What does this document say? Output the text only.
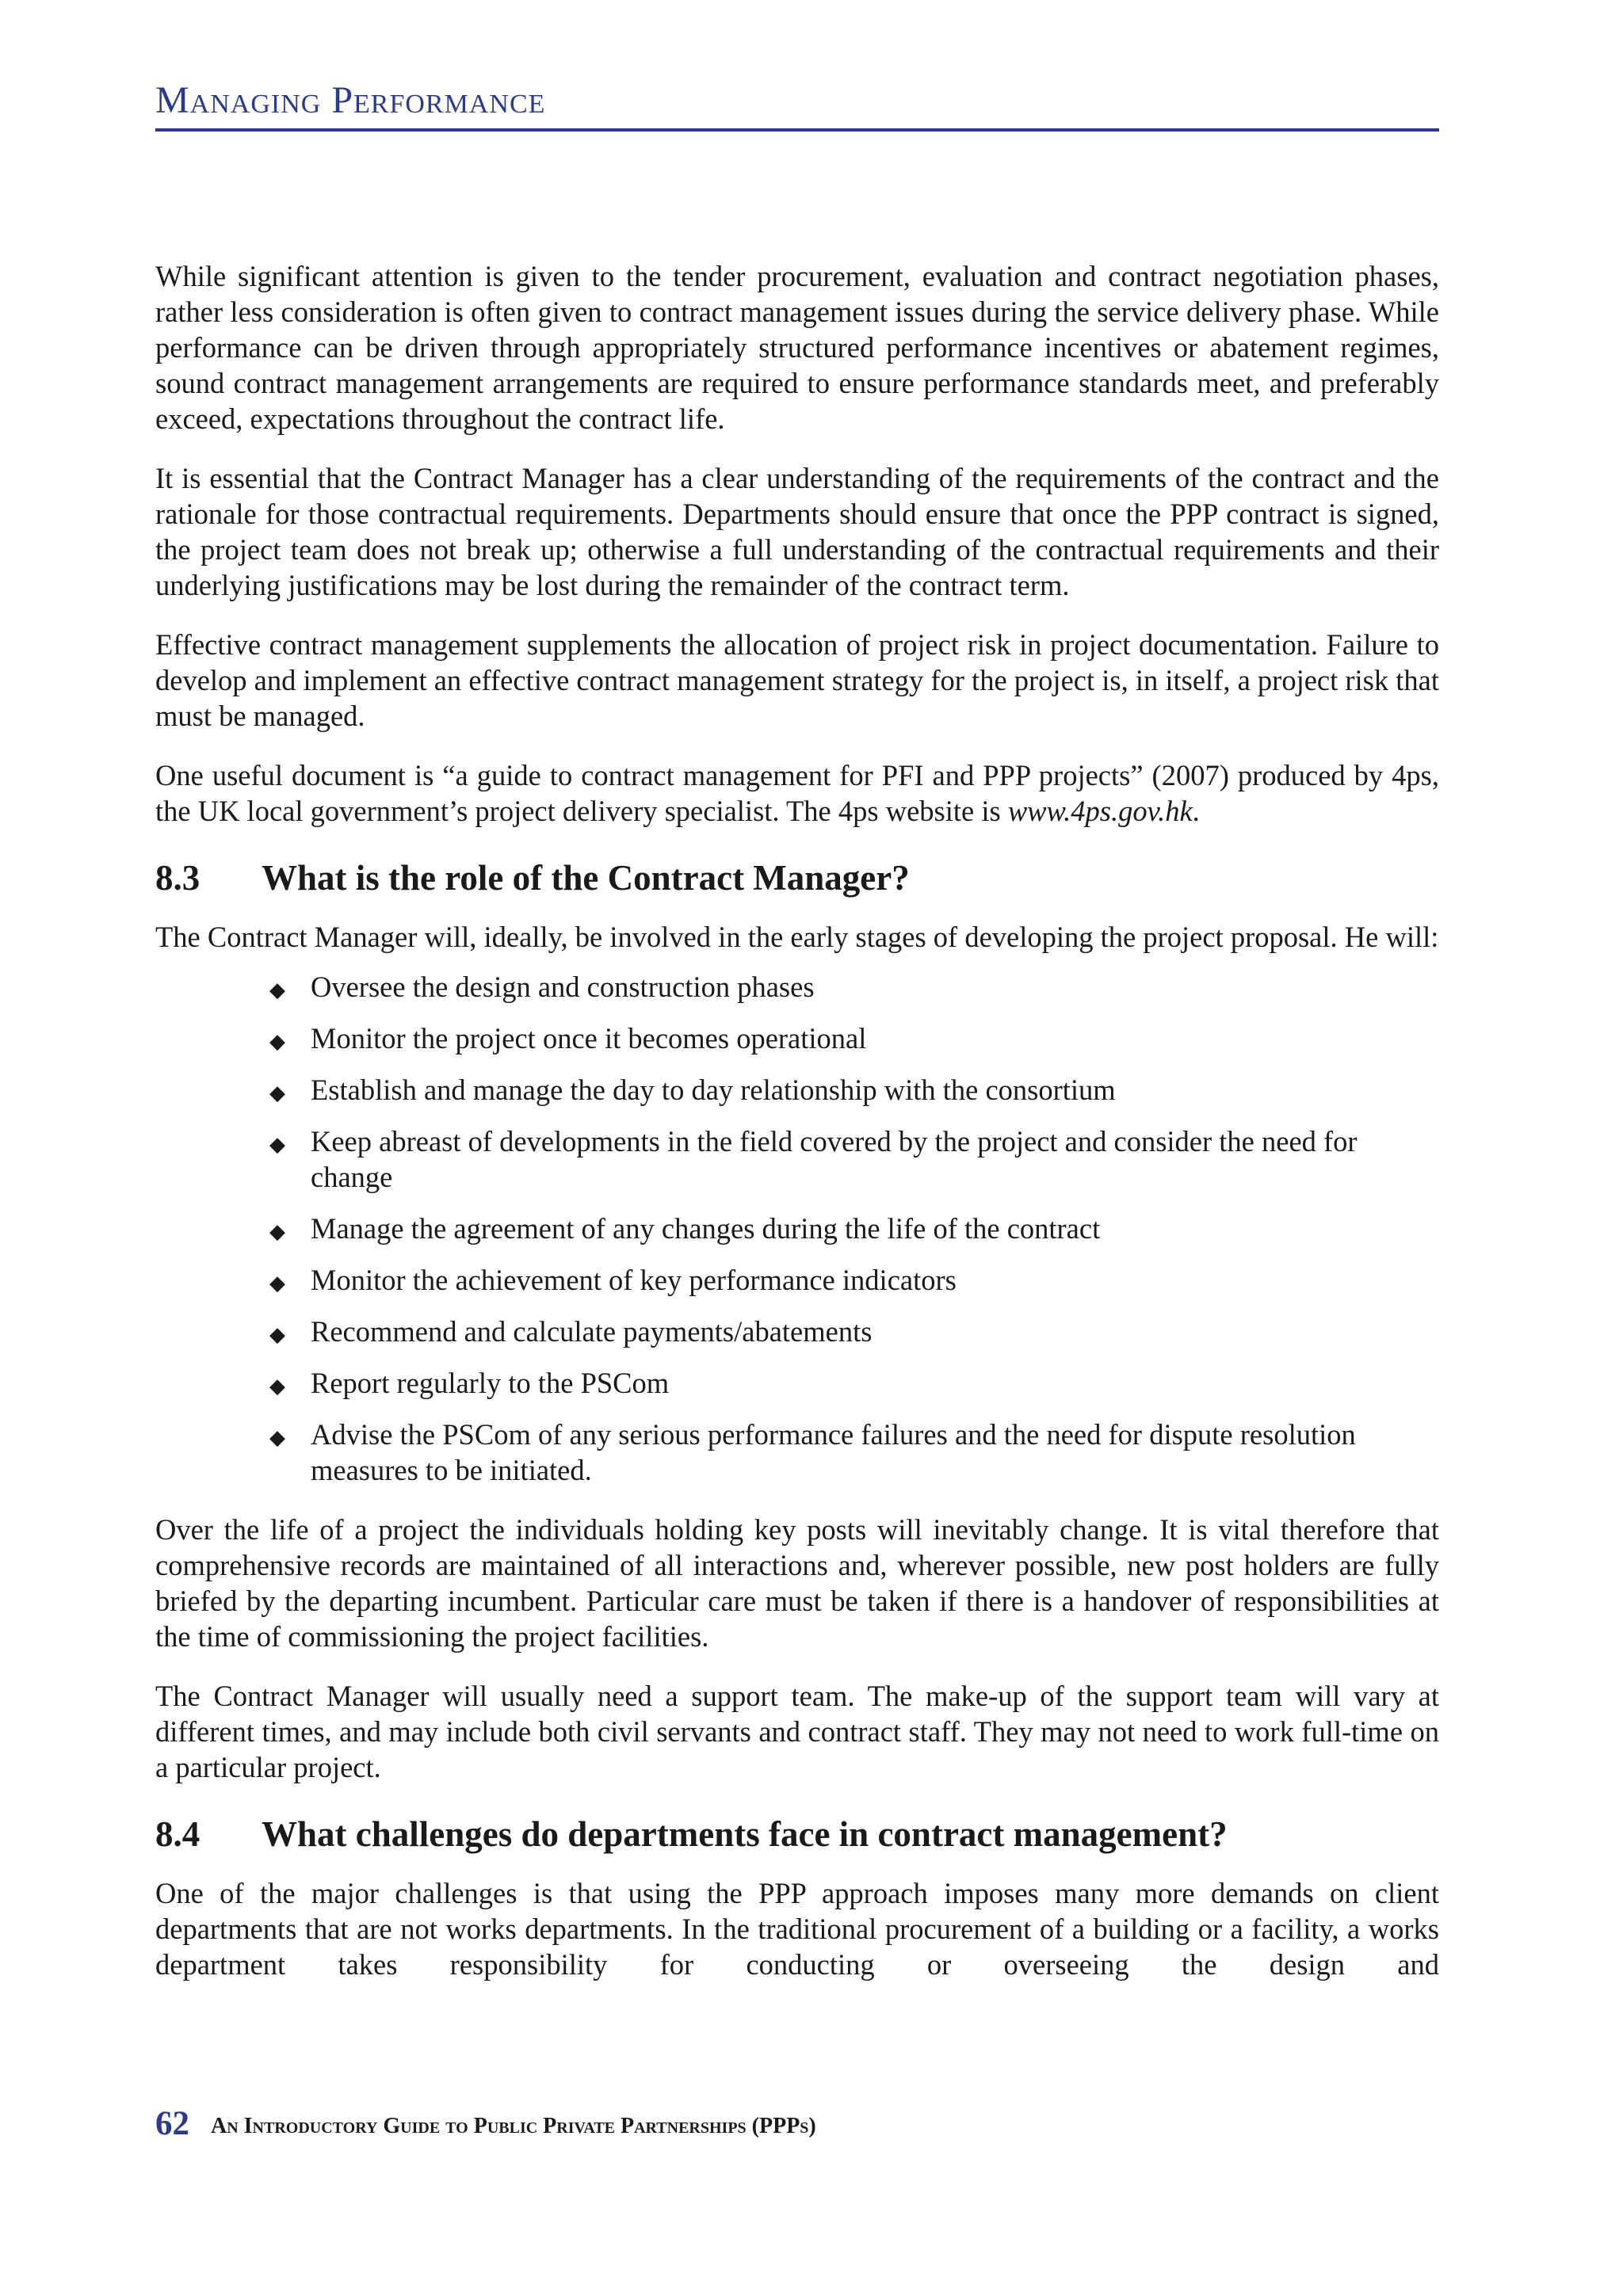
Managing Performance

While significant attention is given to the tender procurement, evaluation and contract negotiation phases, rather less consideration is often given to contract management issues during the service delivery phase. While performance can be driven through appropriately structured performance incentives or abatement regimes, sound contract management arrangements are required to ensure performance standards meet, and preferably exceed, expectations throughout the contract life.

It is essential that the Contract Manager has a clear understanding of the requirements of the contract and the rationale for those contractual requirements. Departments should ensure that once the PPP contract is signed, the project team does not break up; otherwise a full understanding of the contractual requirements and their underlying justifications may be lost during the remainder of the contract term.

Effective contract management supplements the allocation of project risk in project documentation. Failure to develop and implement an effective contract management strategy for the project is, in itself, a project risk that must be managed.

One useful document is “a guide to contract management for PFI and PPP projects” (2007) produced by 4ps, the UK local government’s project delivery specialist. The 4ps website is www.4ps.gov.hk.

8.3 What is the role of the Contract Manager?

The Contract Manager will, ideally, be involved in the early stages of developing the project proposal. He will:

◆ Oversee the design and construction phases
◆ Monitor the project once it becomes operational
◆ Establish and manage the day to day relationship with the consortium
◆ Keep abreast of developments in the field covered by the project and consider the need for change
◆ Manage the agreement of any changes during the life of the contract
◆ Monitor the achievement of key performance indicators
◆ Recommend and calculate payments/abatements
◆ Report regularly to the PSCom
◆ Advise the PSCom of any serious performance failures and the need for dispute resolution measures to be initiated.

Over the life of a project the individuals holding key posts will inevitably change. It is vital therefore that comprehensive records are maintained of all interactions and, wherever possible, new post holders are fully briefed by the departing incumbent. Particular care must be taken if there is a handover of responsibilities at the time of commissioning the project facilities.

The Contract Manager will usually need a support team. The make-up of the support team will vary at different times, and may include both civil servants and contract staff. They may not need to work full-time on a particular project.

8.4 What challenges do departments face in contract management?

One of the major challenges is that using the PPP approach imposes many more demands on client departments that are not works departments. In the traditional procurement of a building or a facility, a works department takes responsibility for conducting or overseeing the design and

62 An Introductory Guide to Public Private Partnerships (PPPs)
